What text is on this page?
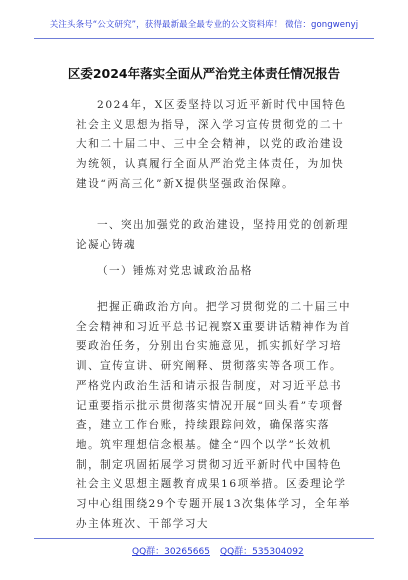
关注头条号“公文研究”，获得最新最全最专业的公文资料库！ 微信：gongwenyj
区委2024年落实全面从严治党主体责任情况报告
2024年，X区委坚持以习近平新时代中国特色社会主义思想为指导，深入学习宣传贯彻党的二十大和二十届二中、三中全会精神，以党的政治建设为统领，认真履行全面从严治党主体责任，为加快建设“两高三化”新X提供坚强政治保障。
一、突出加强党的政治建设，坚持用党的创新理论凝心铸魂
（一）锤炼对党忠诚政治品格
把握正确政治方向。把学习贯彻党的二十届三中全会精神和习近平总书记视察X重要讲话精神作为首要政治任务，分别出台实施意见，抓实抓好学习培训、宣传宣讲、研究阐释、贯彻落实等各项工作。严格党内政治生活和请示报告制度，对习近平总书记重要指示批示贯彻落实情况开展“回头看”专项督查，建立工作台账，持续跟踪问效，确保落实落地。筑牢理想信念根基。健全“四个以学”长效机制，制定巩固拓展学习贯彻习近平新时代中国特色社会主义思想主题教育成果16项举措。区委理论学习中心组围绕29个专题开展13次集体学习，全年举办主体班次、干部学习大
QQ群：30265665 QQ群：535304092
